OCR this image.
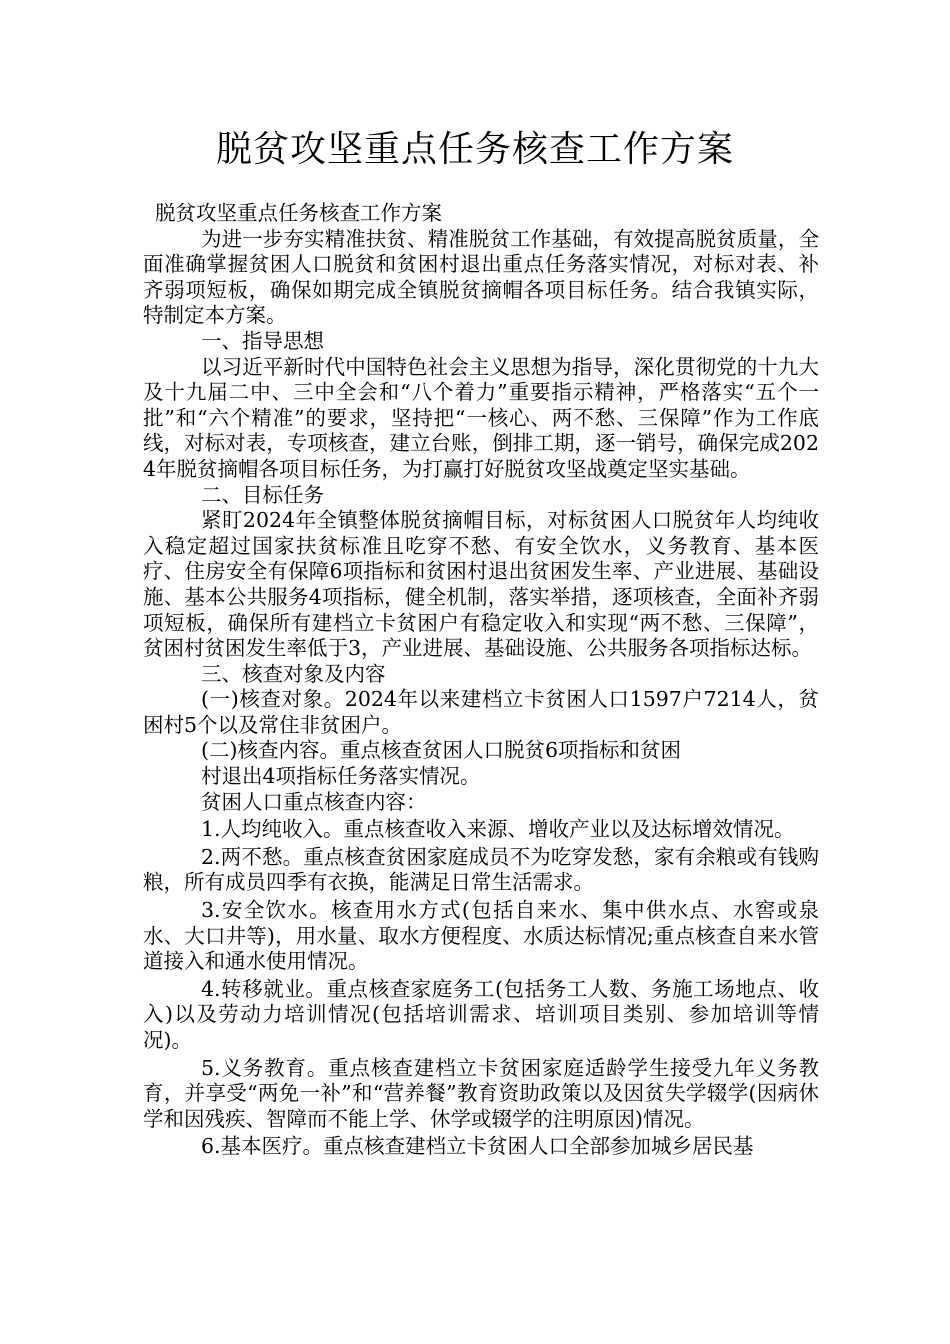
脱贫攻坚重点任务核查工作方案

脱贫攻坚重点任务核查工作方案

为进一步夯实精准扶贫、精准脱贫工作基础，有效提高脱贫质量，全面准确掌握贫困人口脱贫和贫困村退出重点任务落实情况，对标对表、补齐弱项短板，确保如期完成全镇脱贫摘帽各项目标任务。结合我镇实际，特制定本方案。

一、指导思想

以习近平新时代中国特色社会主义思想为指导，深化贯彻党的十九大及十九届二中、三中全会和“八个着力”重要指示精神，严格落实“五个一批”和“六个精准”的要求，坚持把“一核心、两不愁、三保障”作为工作底线，对标对表，专项核查，建立台账，倒排工期，逐一销号，确保完成2024年脱贫摘帽各项目标任务，为打赢打好脱贫攻坚战奠定坚实基础。

二、目标任务

紧盯2024年全镇整体脱贫摘帽目标，对标贫困人口脱贫年人均纯收入稳定超过国家扶贫标准且吃穿不愁、有安全饮水，义务教育、基本医疗、住房安全有保障6项指标和贫困村退出贫困发生率、产业进展、基础设施、基本公共服务4项指标，健全机制，落实举措，逐项核查，全面补齐弱项短板，确保所有建档立卡贫困户有稳定收入和实现“两不愁、三保障”，贫困村贫困发生率低于3，产业进展、基础设施、公共服务各项指标达标。

三、核查对象及内容

(一)核查对象。2024年以来建档立卡贫困人口1597户7214人，贫困村5个以及常住非贫困户。

(二)核查内容。重点核查贫困人口脱贫6项指标和贫困

村退出4项指标任务落实情况。

贫困人口重点核查内容：

1.人均纯收入。重点核查收入来源、增收产业以及达标增效情况。

2.两不愁。重点核查贫困家庭成员不为吃穿发愁，家有余粮或有钱购粮，所有成员四季有衣换，能满足日常生活需求。

3.安全饮水。核查用水方式(包括自来水、集中供水点、水窖或泉水、大口井等)，用水量、取水方便程度、水质达标情况;重点核查自来水管道接入和通水使用情况。

4.转移就业。重点核查家庭务工(包括务工人数、务施工场地点、收入)以及劳动力培训情况(包括培训需求、培训项目类别、参加培训等情况)。

5.义务教育。重点核查建档立卡贫困家庭适龄学生接受九年义务教育，并享受“两免一补”和“营养餐”教育资助政策以及因贫失学辍学(因病休学和因残疾、智障而不能上学、休学或辍学的注明原因)情况。

6.基本医疗。重点核查建档立卡贫困人口全部参加城乡居民基
